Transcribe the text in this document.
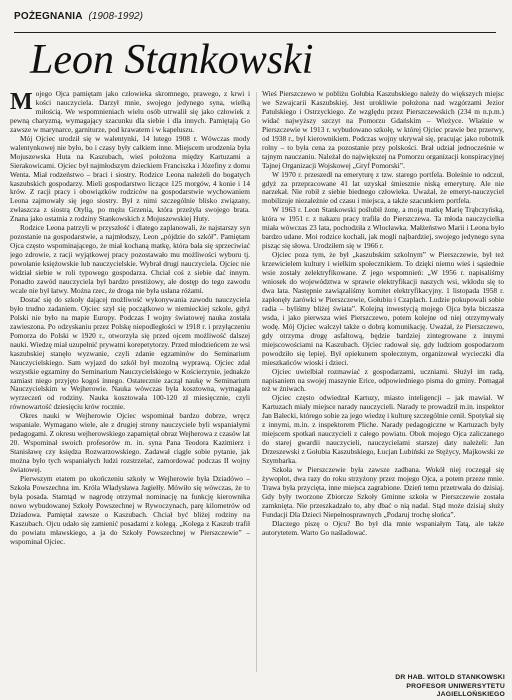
POŻEGNANIA (1908-1992)
Leon Stankowski

Mojego Ojca pamiętam jako człowieka skromnego, prawego, z krwi i kości nauczyciela. Darzył mnie, swojego jedynego syna, wielką miłością. We wspomnieniach wielu osób utrwalił się jako człowiek z pewną charyzmą, wymagający szacunku dla siebie i dla innych. Pamiętają Go zawsze w marynarce, garniturze, pod krawatem i w kapeluszu.

Mój Ojciec urodził się w walentynki, 14 lutego 1908 r. Wówczas mody walentynkowej nie było, bo i czasy były całkiem inne. Miejscem urodzenia była Mojuszewska Huta na Kaszubach, wieś położona między Kartuzami a Sierakowicami. Ojciec był najmłodszym dzieckiem Franciszka i Józefiny z domu Wenta. Miał rodzeństwo – braci i siostry. Rodzice Leona należeli do bogatych kaszubskich gospodarzy. Mieli gospodarstwo liczące 125 morgów, 4 konie i 14 krów. Z racji pracy i obowiązków rodziców na gospodarstwie wychowaniem Leona zajmowały się jego siostry. Był z nimi szczególnie blisko związany, zwłaszcza z siostrą Otylią, po mężu Grzenia, która przeżyła swojego brata. Znana jako ostatnia z rodziny Stankowskich z Mojuszewskiej Huty.

Rodzice Leona patrzyli w przyszłość i dlatego zaplanowali, że najstarszy syn pozostanie na gospodarstwie, a najmłodszy, Leon „pójdzie do szkół”. Pamiętam Ojca często wspominającego, że miał kochaną matkę, która bała się sprzeciwiać jego zdrowie, z racji wyjątkowej pracy pozostawało mu możliwości wyboru tj. powołanie księżowskie lub nauczycielskie. Wybrał drugi nauczyciela. Ojciec nie widział siebie w roli typowego gospodarza. Chciał coś z siebie dać innym. Ponadto zawód nauczyciela był bardzo prestiżowy, ale dostęp do tego zawodu wcale nie był łatwy. Można rzec, że droga nie była usłana różami.

Dostać się do szkoły dającej możliwość wykonywania zawodu nauczyciela było trudno zadaniem. Ojciec szył się początkowo w niemieckiej szkole, gdyż Polski nie było na mapie Europy. Podczas I wojny światowej nauka została zawieszona. Po odzyskaniu przez Polskę niepodległości w 1918 r. i przyłączeniu Pomorza do Polski w 1920 r., otworzyła się przed ojcem możliwość dalszej nauki. Wiedzę miał uzupełnić prywatni korepetytorzy. Przed młodzieńcem ze wsi kaszubskiej stanęło wyzwanie, czyli zdanie egzaminów do Seminarium Nauczycielskiego. Sam wyjazd do szkół był mozolną wyprawą. Ojciec zdał wszystkie egzaminy do Seminarium Nauczycielskiego w Kościerzynie, jednakże zamiast niego przyjęto kogoś innego. Ostatecznie zaczął naukę w Seminarium Nauczycielskim w Wejherowie. Nauka wówczas była kosztowna, wymagała wyrzeczeń od rodziny. Nauka kosztowała 100-120 zł miesięcznie, czyli równowartość dziesięciu krów rocznie.

Okres nauki w Wejherowie Ojciec wspominał bardzo dobrze, wręcz wspaniale. Wymagano wiele, ale z drugiej strony nauczyciele byli wspaniałymi pedagogami. Z okresu wejherowskiego zapamiętał obraz Wejherowa z czasów lat 20. Wspominał swoich profesorów m. in. syna Pana Teodora Kazimierz i Stanisławę czy księdza Rozwarzowskiego. Zadawał ciągle sobie pytanie, jak można było tych wspaniałych ludzi rozstrzelać, zamordować podczas II wojny światowej.

Pierwszym etatem po ukończeniu szkoły w Wejherowie była Dziadówo – Szkoła Powszechna im. Króla Władysława Jagiełły. Mówiło się wówczas, że to była posada. Stamtąd w nagrodę otrzymał nominację na funkcję kierownika nowo wybudowanej Szkoły Powszechnej w Rywoczynach, parę kilometrów od Dziadowa. Pamiętał zawsze o Kaszubach. Chciał być bliżej rodziny na Kaszubach. Ojcu udało się zamienić posadami z kolegą. „Kolega z Kaszub trafił do powiatu mławskiego, a ja do Szkoły Powszechnej w Pierszczewie” – wspominał Ojciec.

Wieś Pierszczewo w pobliżu Gołubia Kaszubskiego należy do większych miejsc we Szwajcarii Kaszubskiej. Jest urokliwie położona nad wzgórzami Jezior Patulskiego i Ostrzyckiego. Ze względu przez Pierszczewskich (234 m n.p.m.) widać najwyższy szczyt na Pomorzu Gdańskim – Wieżyce. Właśnie w Pierszczewie w 1913 r. wybudowano szkołę, w której Ojciec prawie bez przerwy, od 1938 r., był kierownikiem. Podczas wojny ukrywał się, pracując jako robotnik rolny – to była cena za pozostanie przy polskości. Brał udział jednocześnie w tajnym nauczaniu. Należał do największej na Pomorzu organizacji konspiracyjnej Tajnej Organizacji Wojskowej „Gryf Pomorski”.

W 1970 r. przeszedł na emeryturę z tzw. starego portfela. Boleśnie to odczuł, gdyż za przepracowane 41 lat uzyskał śmiesznie niską emeryturę. Ale nie narzekał. Nie robił z siebie biednego człowieka. Uważał, że emeryt-nauczyciel mobilizuje niezależnie od czasu i miejsca, a także szacunkiem portfela.

W 1963 r. Leon Stankowski poślubił żonę, a moją matkę Marię Trąbczyńską, która w 1951 r. z nakazu pracy trafiła do Pierszczewa. Ta młoda nauczycielka miała wówczas 23 lata, pochodziła z Włocławka. Małżeństwo Marii i Leona było bardzo udane. Moi rodzice kochali, jak mogli najbardziej, swojego jedynego syna pisząc się słowa. Urodziłem się w 1966 r.

Ojciec poza tym, że był „kaszubskim szkolnym” w Pierszczewie, był też krzewicielem kultury i wielkim społecznikiem. To dzięki niemu wieś i sąsiednie wsie zostały zelektryfikowane. Z jego wspomnień: „W 1956 r. napisaliśmy wniosek do województwa w sprawie elektryfikacji naszych wsi, wkłodu się to dwa lata. Następnie zawiązaliśmy komitet elektryfikacyjny. 1 listopada 1958 r. zapłonęły żarówki w Pierszczewie, Gołubiu i Czaplach. Ludzie pokupowali sobie radia – byliśmy bliżej świata”. Kolejną inwestycją mojego Ojca była biczasza wsda, i jako pierwsza wieś Pierszczewo, potem kolejne od niej otrzymywały wodę. Mój Ojciec walczył także o dobrą komunikację. Uważał, że Pierszczewo, gdy otrzyma drogę asfaltową, będzie bardziej zintegrowane z innymi miejscowościami na Kaszubach. Ojciec radował się, gdy ludziom gospodarzom powodziło się lepiej. Był opiekunem społecznym, organizował wycieczki dla mieszkańców wioski i dzieci.

Ojciec uwielbiał rozmawiać z gospodarzami, uczniami. Służył im radą, napisaniem na swojej maszynie Erice, odpowiedniego pisma do gminy. Pomagał też w żniwach.

Ojciec często odwiedzał Kartuzy, miasto inteligencji – jak mawiał. W Kartuzach miały miejsce narady nauczycieli. Narady te prowadził m.in. inspektor Jan Balecki, którego sobie za jego wiedzę i kulturę szczególnie cenił. Spotykał się z innymi, m.in. z inspektorem Pliche. Narady pedagogiczne w Kartuzach były miejscem spotkań nauczycieli z całego powiatu. Obok mojego Ojca zaliczanego do starej gwardii nauczycieli, nauczycielami starszej daty należeli: Jan Drzeszewski z Gołubia Kaszubskiego, Łucjan Lubiński ze Stężycy, Majkowski ze Szymbarka.

Szkoła w Pierszczewie była zawsze zadbana. Wokół niej roczegął się żywopłot, dwa razy do roku strzyżony przez mojego Ojca, a potem przeze mnie. Trawa była przycięta, inne miejsca zagrabione. Dzień temu przetrwała do dzisiaj. Gdy były tworzone Zbiorcze Szkoły Gminne szkoła w Pierszczewie została zamknięta. Nie przeszkadzało to, aby dbać o nią nadal. Stąd może dzisiaj służy Fundacji Dla Dzieci Niepełnosprawnych „Podaruj trochę słońca”.

Dlaczego piszę o Ojcu? Bo był dla mnie wspaniałym Tatą, ale także autorytetem. Warto Go naśladować.

DR HAB. WITOLD STANKOWSKI
PROFESOR UNIWERSYTETU JAGIELLOŃSKIEGO
